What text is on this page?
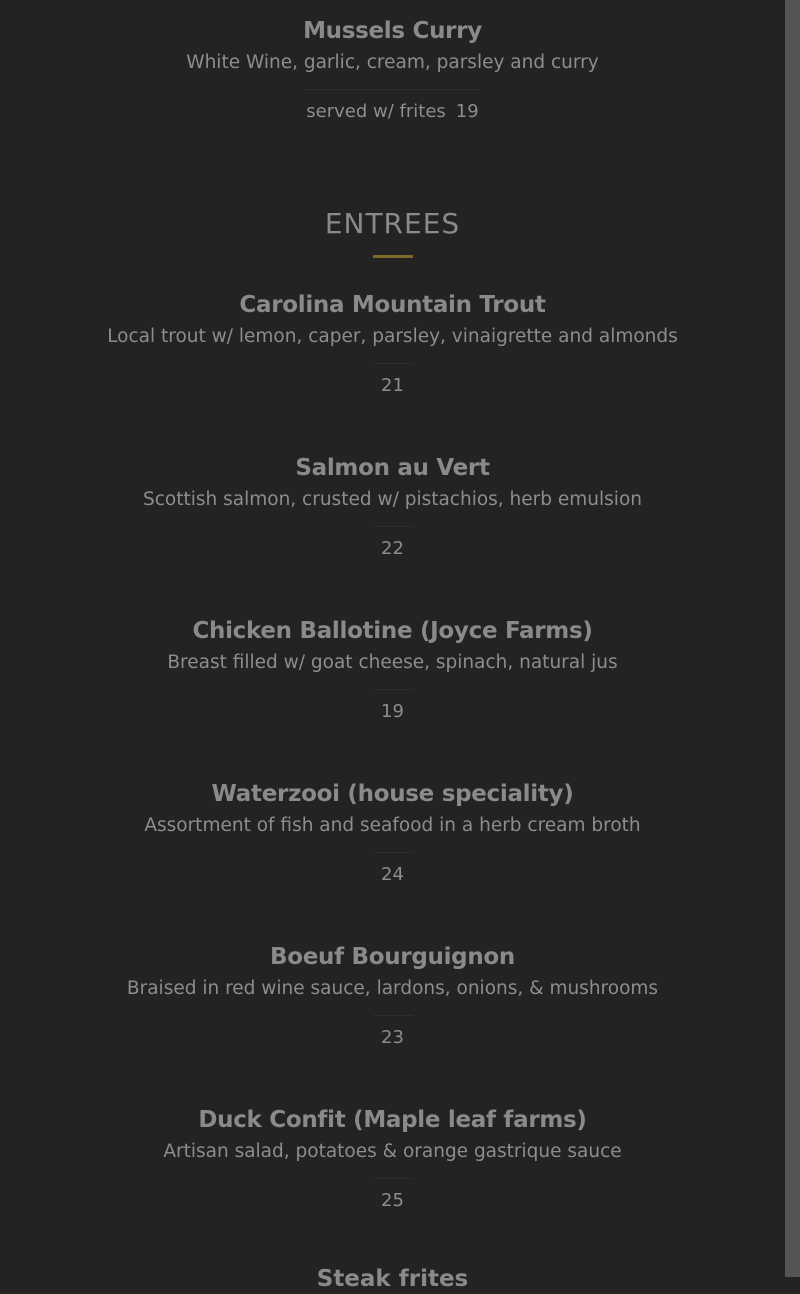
Mussels Curry
White Wine, garlic, cream, parsley and curry
served w/ frites 19
ENTREES
Carolina Mountain Trout
Local trout w/ lemon, caper, parsley, vinaigrette and almonds
21
Salmon au Vert
Scottish salmon, crusted w/ pistachios, herb emulsion
22
Chicken Ballotine (Joyce Farms)
Breast filled w/ goat cheese, spinach, natural jus
19
Waterzooi (house speciality)
Assortment of fish and seafood in a herb cream broth
24
Boeuf Bourguignon
Braised in red wine sauce, lardons, onions, & mushrooms
23
Duck Confit (Maple leaf farms)
Artisan salad, potatoes & orange gastrique sauce
25
Steak frites
